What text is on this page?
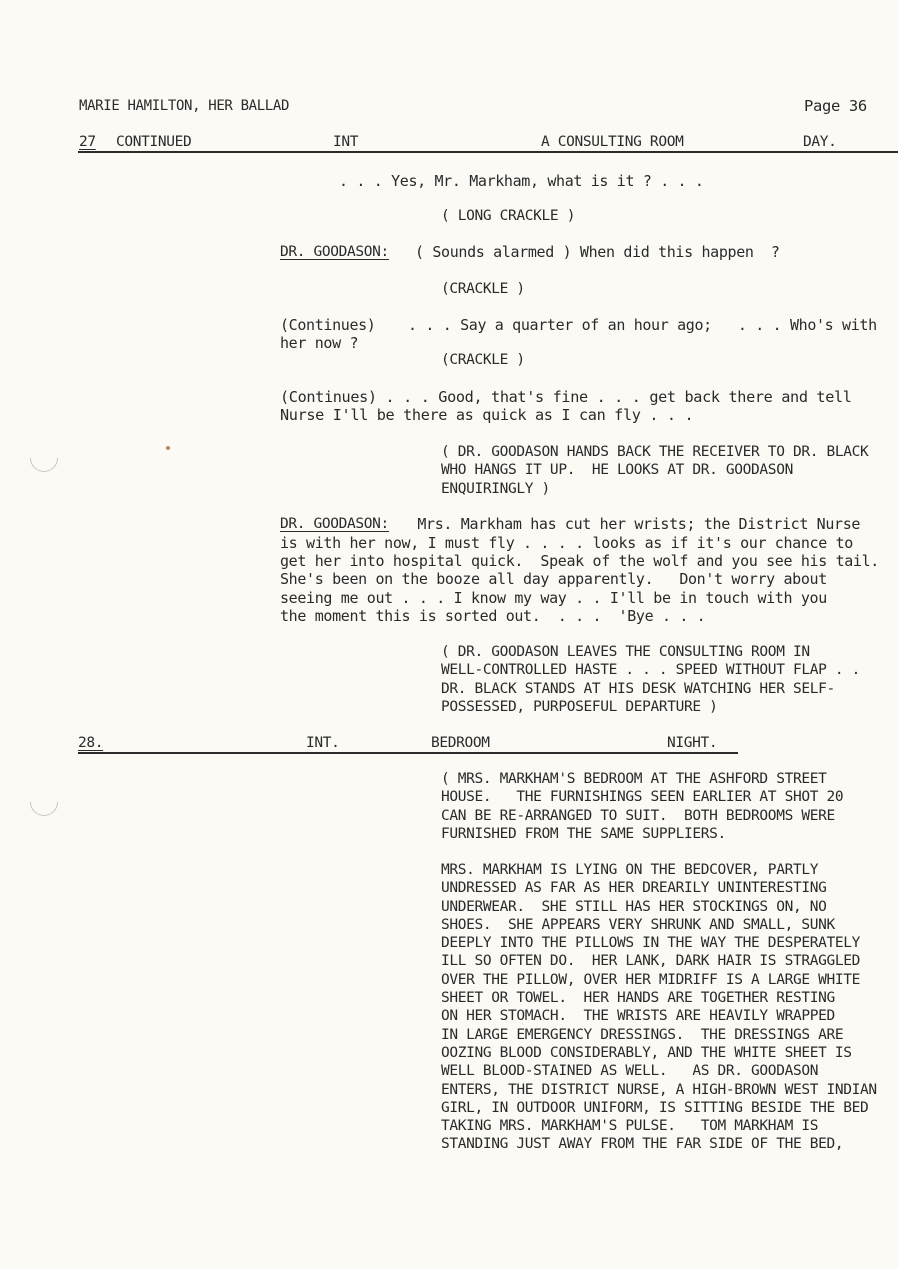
MARIE HAMILTON, HER BALLAD	Page 36
27 CONTINUED	INT	A CONSULTING ROOM	DAY.
. . . Yes, Mr. Markham, what is it ? . . .
( LONG CRACKLE )
DR. GOODASON: ( Sounds alarmed ) When did this happen  ?
(CRACKLE )
(Continues) . . . Say a quarter of an hour ago;   . . . Who's with
her now ?
(CRACKLE )
(Continues) . . . Good, that's fine . . . get back there and tell
Nurse I'll be there as quick as I can fly . . .
( DR. GOODASON HANDS BACK THE RECEIVER TO DR. BLACK
WHO HANGS IT UP.  HE LOOKS AT DR. GOODASON
ENQUIRINGLY )
DR. GOODASON: Mrs. Markham has cut her wrists; the District Nurse
is with her now, I must fly . . . . looks as if it's our chance to
get her into hospital quick.  Speak of the wolf and you see his tail.
She's been on the booze all day apparently.   Don't worry about
seeing me out . . . I know my way . . I'll be in touch with you
the moment this is sorted out.  . . .  'Bye . . .
( DR. GOODASON LEAVES THE CONSULTING ROOM IN
WELL-CONTROLLED HASTE . . . SPEED WITHOUT FLAP . .
DR. BLACK STANDS AT HIS DESK WATCHING HER SELF-
POSSESSED, PURPOSEFUL DEPARTURE )
28.	INT.	BEDROOM	NIGHT.
( MRS. MARKHAM'S BEDROOM AT THE ASHFORD STREET
HOUSE.   THE FURNISHINGS SEEN EARLIER AT SHOT 20
CAN BE RE-ARRANGED TO SUIT.  BOTH BEDROOMS WERE
FURNISHED FROM THE SAME SUPPLIERS.
MRS. MARKHAM IS LYING ON THE BEDCOVER, PARTLY
UNDRESSED AS FAR AS HER DREARILY UNINTERESTING
UNDERWEAR.  SHE STILL HAS HER STOCKINGS ON, NO
SHOES.  SHE APPEARS VERY SHRUNK AND SMALL, SUNK
DEEPLY INTO THE PILLOWS IN THE WAY THE DESPERATELY
ILL SO OFTEN DO.  HER LANK, DARK HAIR IS STRAGGLED
OVER THE PILLOW, OVER HER MIDRIFF IS A LARGE WHITE
SHEET OR TOWEL.  HER HANDS ARE TOGETHER RESTING
ON HER STOMACH.  THE WRISTS ARE HEAVILY WRAPPED
IN LARGE EMERGENCY DRESSINGS.  THE DRESSINGS ARE
OOZING BLOOD CONSIDERABLY, AND THE WHITE SHEET IS
WELL BLOOD-STAINED AS WELL.   AS DR. GOODASON
ENTERS, THE DISTRICT NURSE, A HIGH-BROWN WEST INDIAN
GIRL, IN OUTDOOR UNIFORM, IS SITTING BESIDE THE BED
TAKING MRS. MARKHAM'S PULSE.   TOM MARKHAM IS
STANDING JUST AWAY FROM THE FAR SIDE OF THE BED,
